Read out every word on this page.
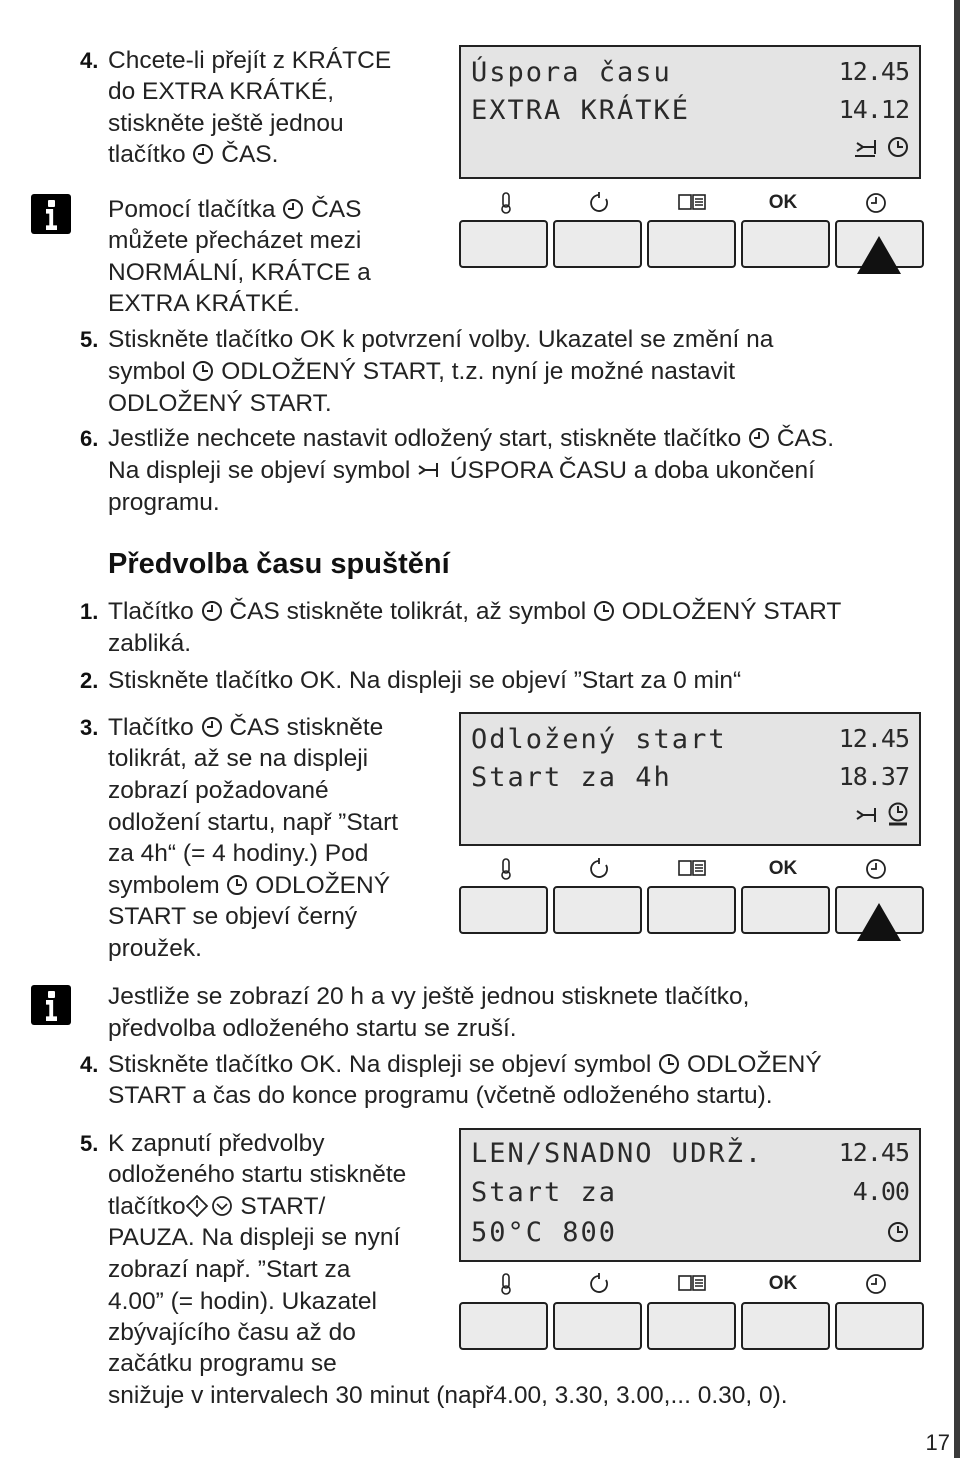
4. Chcete-li přejít z KRÁTCE
do EXTRA KRÁTKÉ,
stiskněte ještě jednou
tlačítko  ČAS.
Úspora času	12.45
EXTRA KRÁTKÉ	14.12

Pomocí tlačítka  ČAS
můžete přecházet mezi
NORMÁLNÍ, KRÁTCE a
EXTRA KRÁTKÉ.
OK
5. Stiskněte tlačítko OK k potvrzení volby. Ukazatel se změní na
symbol  ODLOŽENÝ START, t.z. nyní je možné nastavit
ODLOŽENÝ START.
6. Jestliže nechcete nastavit odložený start, stiskněte tlačítko  ČAS.
Na displeji se objeví symbol  ÚSPORA ČASU a doba ukončení
programu.
Předvolba času spuštění
1. Tlačítko  ČAS stiskněte tolikrát, až symbol  ODLOŽENÝ START
zabliká.
2. Stiskněte tlačítko OK. Na displeji se objeví ”Start za 0 min“
3. Tlačítko  ČAS stiskněte
tolikrát, až se na displeji
zobrazí požadované
odložení startu, např ”Start
za 4h“ (= 4 hodiny.) Pod
symbolem  ODLOŽENÝ
START se objeví černý
proužek.
Odložený start	12.45
Start za 4h	18.37

OK
Jestliže se zobrazí 20 h a vy ještě jednou stisknete tlačítko,
předvolba odloženého startu se zruší.
4. Stiskněte tlačítko OK. Na displeji se objeví symbol  ODLOŽENÝ
START a čas do konce programu (včetně odloženého startu).
5. K zapnutí předvolby
odloženého startu stiskněte
tlačítko START/
PAUZA. Na displeji se nyní
zobrazí např. ”Start za
4.00” (= hodin). Ukazatel
zbývajícího času až do
začátku programu se
snižuje v intervalech 30 minut (např4.00, 3.30, 3.00,... 0.30, 0).
LEN/SNADNO UDRŽ.	12.45
Start za	4.00
50°C 800
OK
17
